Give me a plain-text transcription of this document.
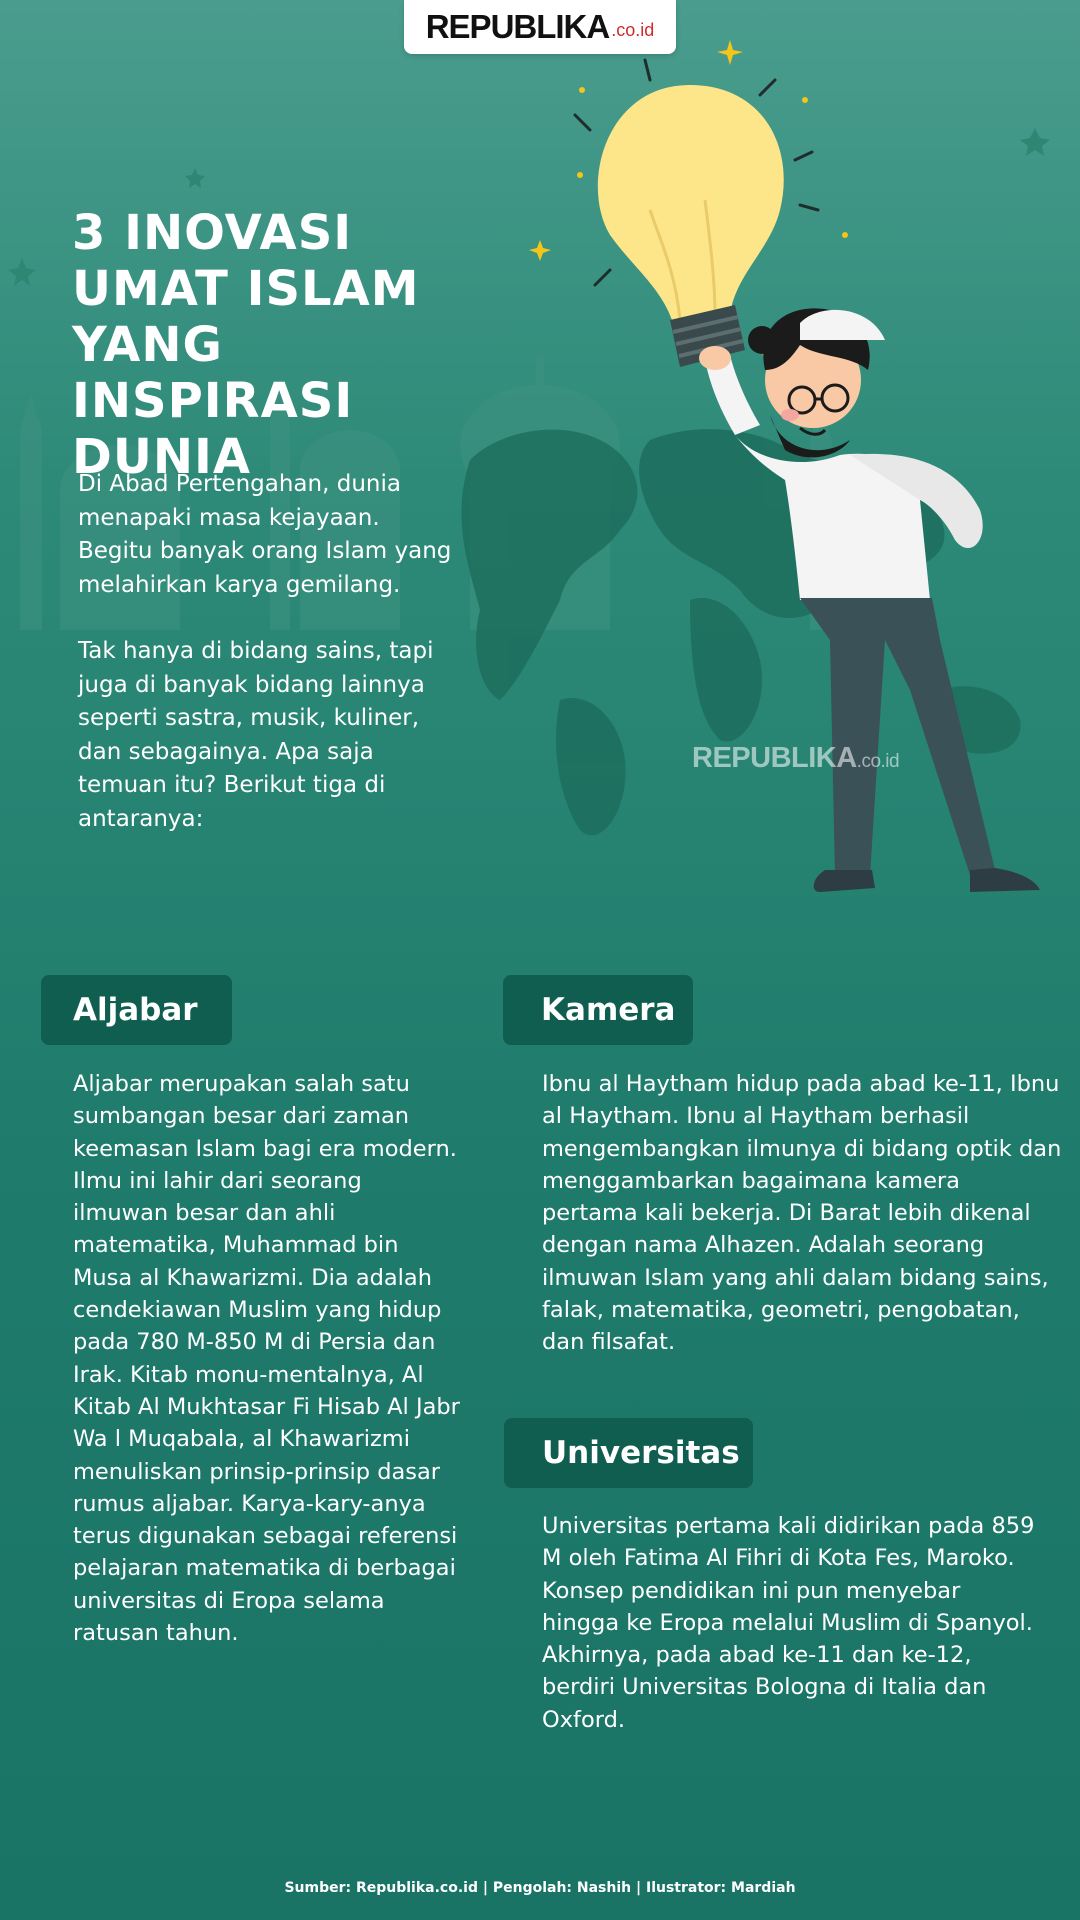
REPUBLIKA .co.id
3 INOVASI
UMAT ISLAM
YANG INSPIRASI
DUNIA

Di Abad Pertengahan, dunia menapaki masa kejayaan. Begitu banyak orang Islam yang melahirkan karya gemilang.

Tak hanya di bidang sains, tapi juga di banyak bidang lainnya seperti sastra, musik, kuliner, dan sebagainya. Apa saja temuan itu? Berikut tiga di antaranya:

REPUBLIKA.co.id
Aljabar

Aljabar merupakan salah satu sumbangan besar dari zaman keemasan Islam bagi era modern. Ilmu ini lahir dari seorang ilmuwan besar dan ahli matematika, Muhammad bin Musa al Khawarizmi. Dia adalah cendekiawan Muslim yang hidup pada 780 M-850 M di Persia dan Irak. Kitab monu-mentalnya, Al Kitab Al Mukhtasar Fi Hisab Al Jabr Wa l Muqabala, al Khawarizmi menuliskan prinsip-prinsip dasar rumus aljabar. Karya-kary-anya terus digunakan sebagai referensi pelajaran matematika di berbagai universitas di Eropa selama ratusan tahun.

Kamera

Ibnu al Haytham hidup pada abad ke-11, Ibnu al Haytham. Ibnu al Haytham berhasil mengembangkan ilmunya di bidang optik dan menggambarkan bagaimana kamera pertama kali bekerja. Di Barat lebih dikenal dengan nama Alhazen. Adalah seorang ilmuwan Islam yang ahli dalam bidang sains, falak, matematika, geometri, pengobatan, dan filsafat.

Universitas

Universitas pertama kali didirikan pada 859 M oleh Fatima Al Fihri di Kota Fes, Maroko. Konsep pendidikan ini pun menyebar hingga ke Eropa melalui Muslim di Spanyol. Akhirnya, pada abad ke-11 dan ke-12, berdiri Universitas Bologna di Italia dan Oxford.

Sumber: Republika.co.id | Pengolah: Nashih | Ilustrator: Mardiah
